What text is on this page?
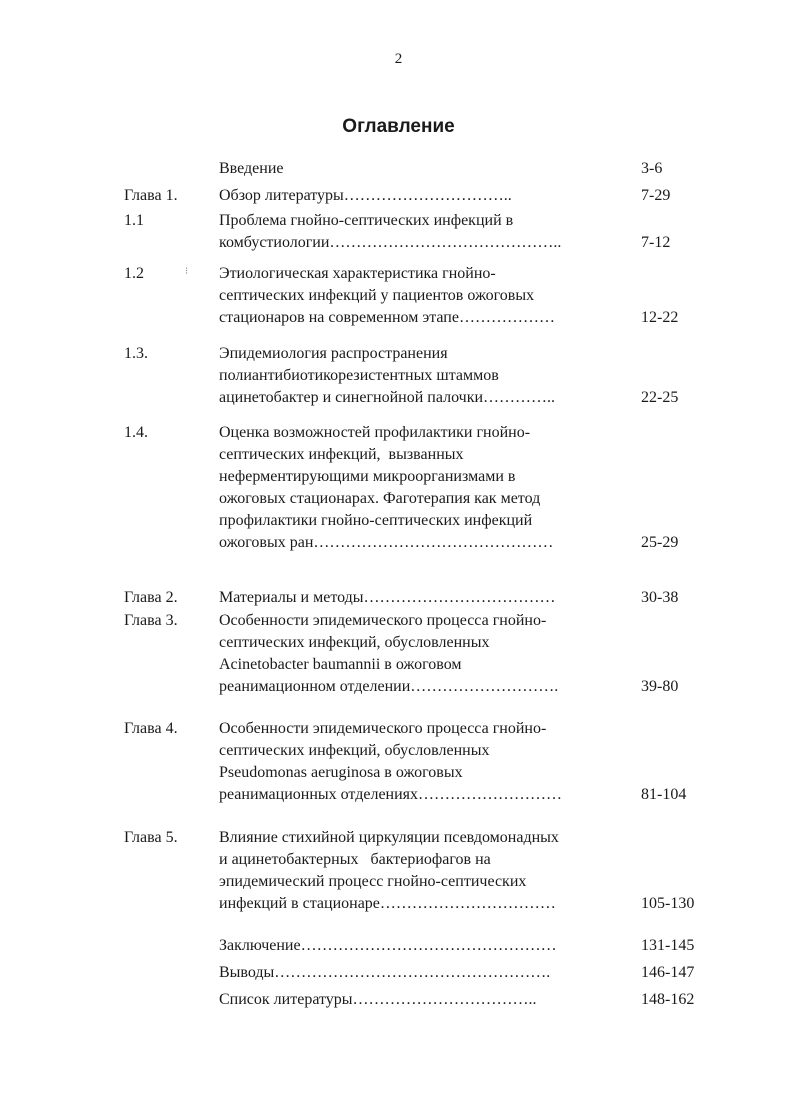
2
Оглавление
Введение	3-6
Глава 1.	Обзор литературы…………………………..	7-29
1.1	Проблема гнойно-септических инфекций в
комбустиологии……………………………………..	7-12
1.2	⁝ Этиологическая характеристика гнойно-
септических инфекций у пациентов ожоговых
стационаров на современном этапе………………	12-22
1.3.	Эпидемиология распространения
полиантибиотикорезистентных штаммов
ацинетобактер и синегнойной палочки…………..	22-25
1.4.	Оценка возможностей профилактики гнойно-
септических инфекций,  вызванных
неферментирующими микроорганизмами в
ожоговых стационарах. Фаготерапия как метод
профилактики гнойно-септических инфекций
ожоговых ран………………………………………	25-29
Глава 2.	Материалы и методы………………………………	30-38
Глава 3.	Особенности эпидемического процесса гнойно-
септических инфекций, обусловленных
Acinetobacter baumannii в ожоговом
реанимационном отделении……………………….	39-80
Глава 4.	Особенности эпидемического процесса гнойно-
септических инфекций, обусловленных
Pseudomonas aeruginosa в ожоговых
реанимационных отделениях………………………	81-104
Глава 5.	Влияние стихийной циркуляции псевдомонадных
и ацинетобактерных   бактериофагов на
эпидемический процесс гнойно-септических
инфекций в стационаре……………………………	105-130
Заключение…………………………………………	131-145
Выводы…………………………………………….	146-147
Список литературы……………………………..	148-162
